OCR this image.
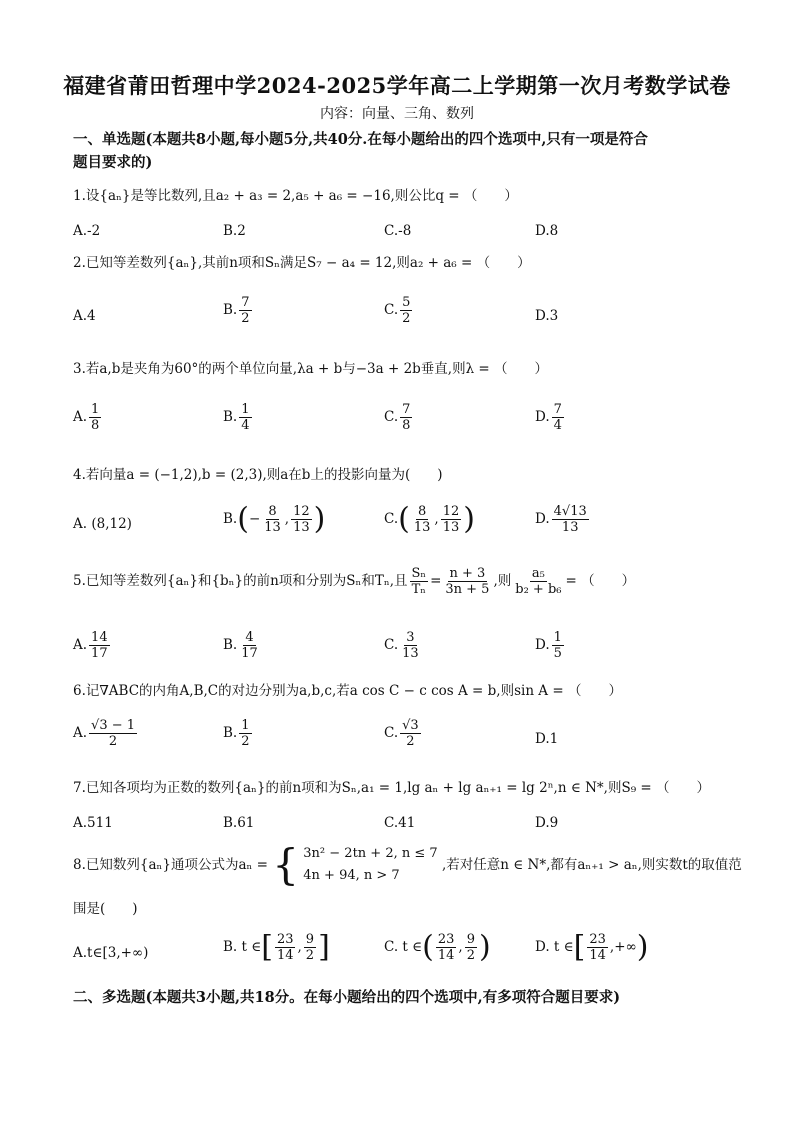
福建省莆田哲理中学2024-2025学年高二上学期第一次月考数学试卷
内容：向量、三角、数列
一、单选题(本题共8小题,每小题5分,共40分.在每小题给出的四个选项中,只有一项是符合
题目要求的)
1.设{aₙ}是等比数列,且a₂ + a₃ = 2,a₅ + a₆ = −16,则公比q = （　　）
A.-2	B.2	C.-8	D.8
2.已知等差数列{aₙ},其前n项和Sₙ满足S₇ − a₄ = 12,则a₂ + a₆ = （　　）
A.4	B. $\frac{7}{2}$	C. $\frac{5}{2}$	D.3
3.若a,b是夹角为60°的两个单位向量,λa + b与−3a + 2b垂直,则λ = （　　）
A. $\frac{1}{8}$	B. $\frac{1}{4}$	C. $\frac{7}{8}$	D. $\frac{7}{4}$
4.若向量a = (−1,2),b = (2,3),则a在b上的投影向量为(　　)
A. (8,12)	$B.(- \frac{8}{13}$ , $\frac{12}{13}$ )	$C.( \frac{8}{13}$ , $\frac{12}{13}$ )	D. $\frac{4√13}{13}$
5.已知等差数列{aₙ}和{bₙ}的前n项和分别为Sₙ和Tₙ,且 $\frac{\text{Sₙ}}{\text{Tₙ}} = \frac{n + 3}{3n + 5}$ ,则 $\frac{\text{a₅}}{\text{b₂ + b₆}}$ = （　　）
A. $\frac{14}{17}$	B. $\frac{4}{17}$	C. $\frac{3}{13}$	D. $\frac{1}{5}$
6.记∇ABC的内角A,B,C的对边分别为a,b,c,若a cos C − c cos A = b,则sin A = （　　）
A. $\frac{√3 - 1}{2}$	B. $\frac{1}{2}$	C. $\frac{√3}{2}$	D.1
7.已知各项均为正数的数列{aₙ}的前n项和为Sₙ,a₁ = 1,lg aₙ + lg aₙ₊₁ = lg 2ⁿ,n ∈ N*,则S₉ = （　　）
A.511	B.61	C.41	D.9
8.已知数列{aₙ}通项公式为aₙ = { 3n² − 2tn + 2, n ≤ 7
4n + 94, n > 7
,若对任意n ∈ N*,都有aₙ₊₁ > aₙ,则实数t的取值范
围是(　　)
A.t∈[3,+∞)	B. t ∈[ $\frac{23}{14}$ , $\frac{9}{2}$ ]	C. t ∈( $\frac{23}{14}$ , $\frac{9}{2}$ )	D. t ∈[ $\frac{23}{14}$ ,+∞)
二、多选题(本题共3小题,共18分。在每小题给出的四个选项中,有多项符合题目要求)
